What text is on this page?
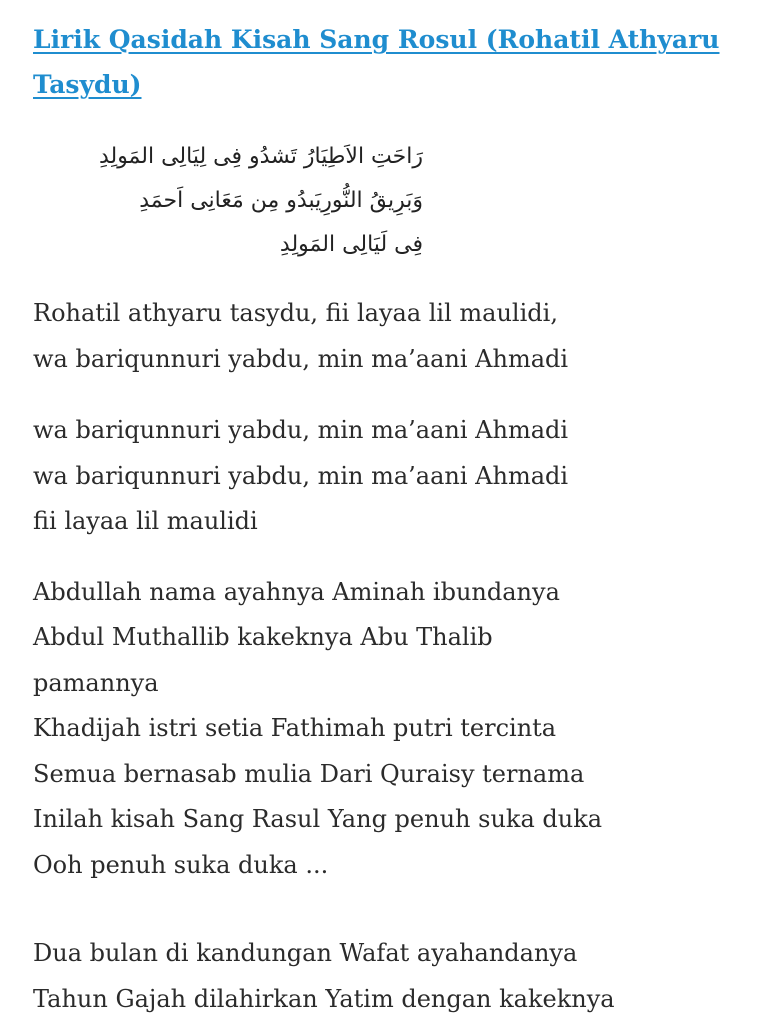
Lirik Qasidah Kisah Sang Rosul (Rohatil Athyaru Tasydu)
رَاحَتِ الاَطِيَارُ تَشدُو فِى لِيَالِى المَولِدِ
وَبَرِيقُ النُّورِيَبدُو مِن مَعَانِى اَحمَدِ
فِى لَيَالِى المَولِدِ

Rohatil athyaru tasydu, fii layaa lil maulidi,
wa bariqunnuri yabdu, min ma’aani Ahmadi

wa bariqunnuri yabdu, min ma’aani Ahmadi
wa bariqunnuri yabdu, min ma’aani Ahmadi
fii layaa lil maulidi

Abdullah nama ayahnya Aminah ibundanya
Abdul Muthallib kakeknya Abu Thalib pamannya
Khadijah istri setia Fathimah putri tercinta
Semua bernasab mulia Dari Quraisy ternama
Inilah kisah Sang Rasul Yang penuh suka duka
Ooh penuh suka duka ...

Dua bulan di kandungan Wafat ayahandanya
Tahun Gajah dilahirkan Yatim dengan kakeknya
